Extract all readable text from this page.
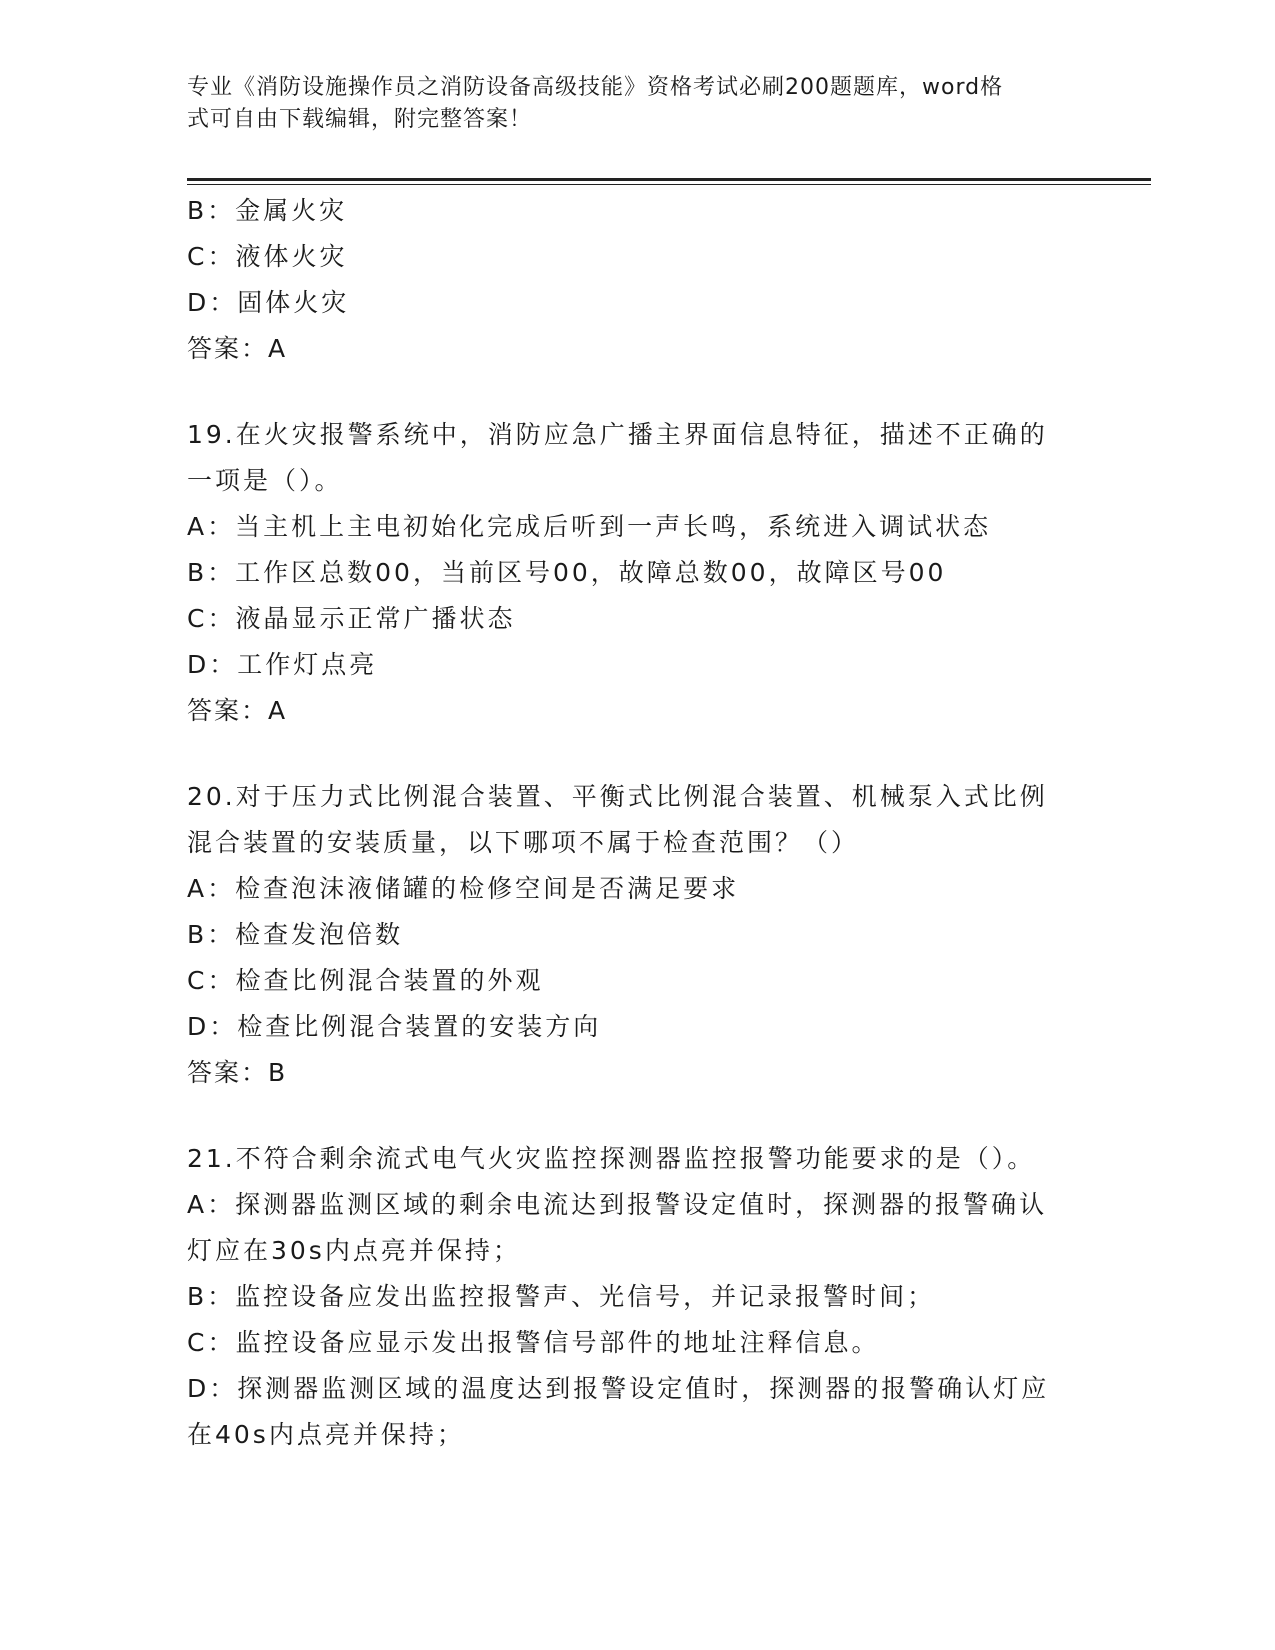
专业《消防设施操作员之消防设备高级技能》资格考试必刷200题题库，word格
式可自由下载编辑，附完整答案！
B：金属火灾
C：液体火灾
D：固体火灾
答案：A
19.在火灾报警系统中，消防应急广播主界面信息特征，描述不正确的
一项是（）。
A：当主机上主电初始化完成后听到一声长鸣，系统进入调试状态
B：工作区总数00，当前区号00，故障总数00，故障区号00
C：液晶显示正常广播状态
D：工作灯点亮
答案：A
20.对于压力式比例混合装置、平衡式比例混合装置、机械泵入式比例
混合装置的安装质量，以下哪项不属于检查范围？（）
A：检查泡沫液储罐的检修空间是否满足要求
B：检查发泡倍数
C：检查比例混合装置的外观
D：检查比例混合装置的安装方向
答案：B
21.不符合剩余流式电气火灾监控探测器监控报警功能要求的是（）。
A：探测器监测区域的剩余电流达到报警设定值时，探测器的报警确认
灯应在30s内点亮并保持；
B：监控设备应发出监控报警声、光信号，并记录报警时间；
C：监控设备应显示发出报警信号部件的地址注释信息。
D：探测器监测区域的温度达到报警设定值时，探测器的报警确认灯应
在40s内点亮并保持；
